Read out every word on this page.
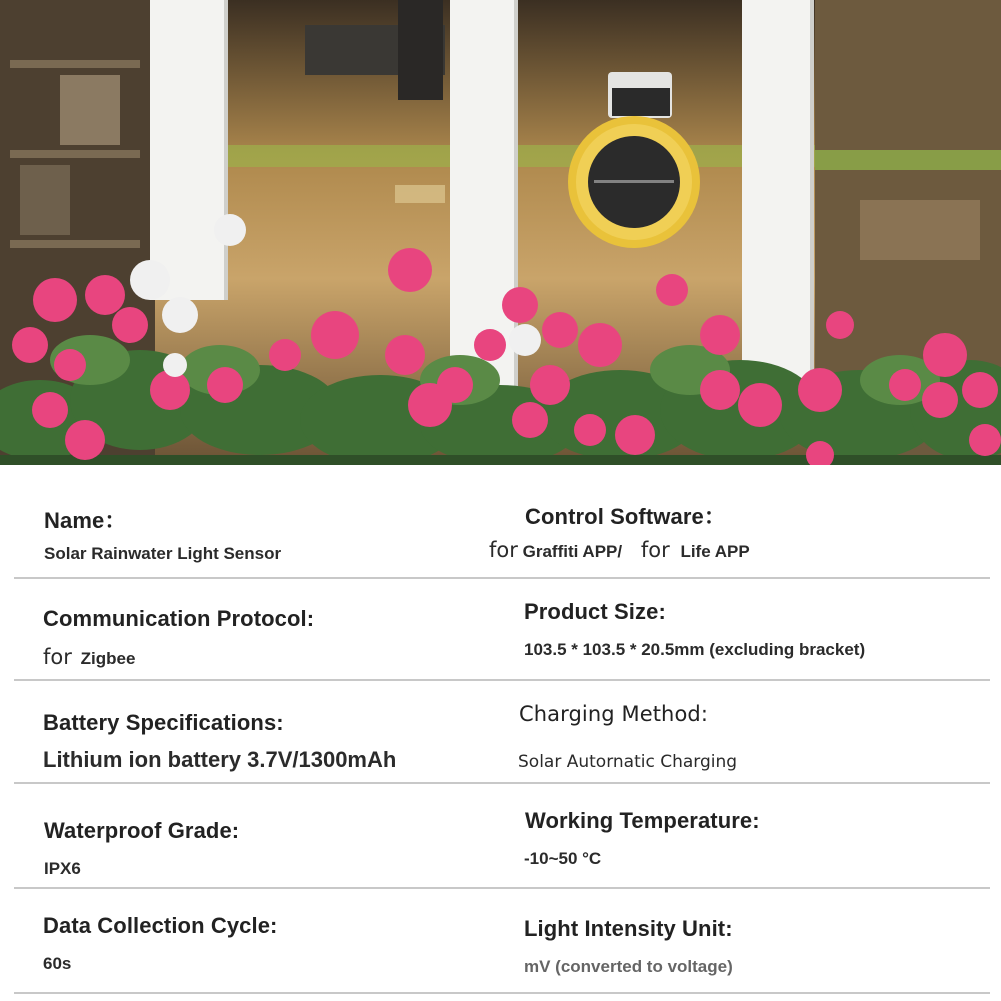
Name：
Solar Rainwater Light Sensor
Control Software：
for Graffiti APP/ for Life APP
Communication Protocol:
for Zigbee
Product Size:
103.5 * 103.5 * 20.5mm (excluding bracket)
Battery Specifications:
Lithium ion battery 3.7V/1300mAh
Charging Method:
Solar Autornatic Charging
Waterproof Grade:
IPX6
Working Temperature:
-10~50 °C
Data Collection Cycle:
60s
Light Intensity Unit:
mV (converted to voltage)
